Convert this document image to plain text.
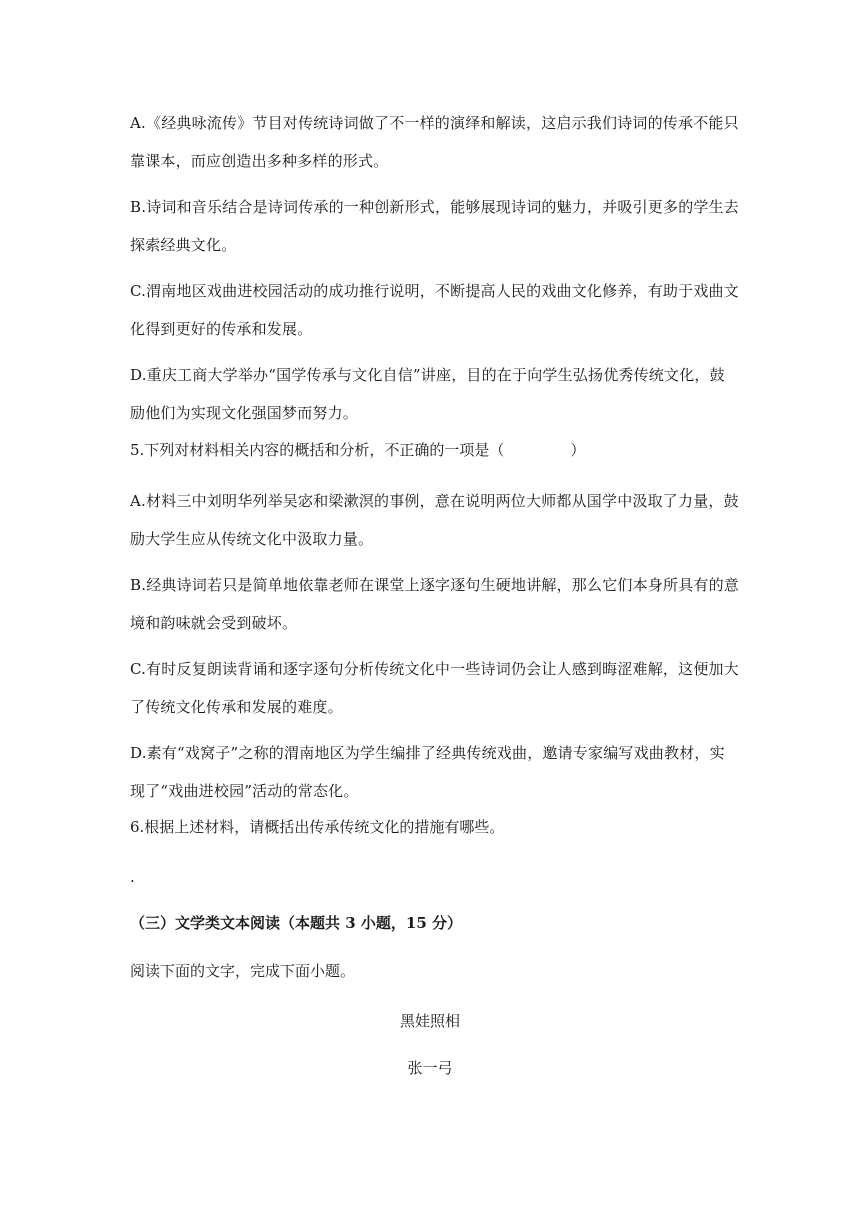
A.《经典咏流传》节目对传统诗词做了不一样的演绎和解读，这启示我们诗词的传承不能只
靠课本，而应创造出多种多样的形式。
B.诗词和音乐结合是诗词传承的一种创新形式，能够展现诗词的魅力，并吸引更多的学生去
探索经典文化。
C.渭南地区戏曲进校园活动的成功推行说明，不断提高人民的戏曲文化修养，有助于戏曲文
化得到更好的传承和发展。
D.重庆工商大学举办“国学传承与文化自信”讲座，目的在于向学生弘扬优秀传统文化，鼓
励他们为实现文化强国梦而努力。
5.下列对材料相关内容的概括和分析，不正确的一项是（	）
A.材料三中刘明华列举吴宓和梁漱溟的事例，意在说明两位大师都从国学中汲取了力量，鼓
励大学生应从传统文化中汲取力量。
B.经典诗词若只是简单地依靠老师在课堂上逐字逐句生硬地讲解，那么它们本身所具有的意
境和韵味就会受到破坏。
C.有时反复朗读背诵和逐字逐句分析传统文化中一些诗词仍会让人感到晦涩难解，这便加大
了传统文化传承和发展的难度。
D.素有“戏窝子”之称的渭南地区为学生编排了经典传统戏曲，邀请专家编写戏曲教材，实
现了“戏曲进校园”活动的常态化。
6.根据上述材料，请概括出传承传统文化的措施有哪些。
.
（三）文学类文本阅读（本题共 3 小题，15 分）
阅读下面的文字，完成下面小题。
黑娃照相
张一弓
